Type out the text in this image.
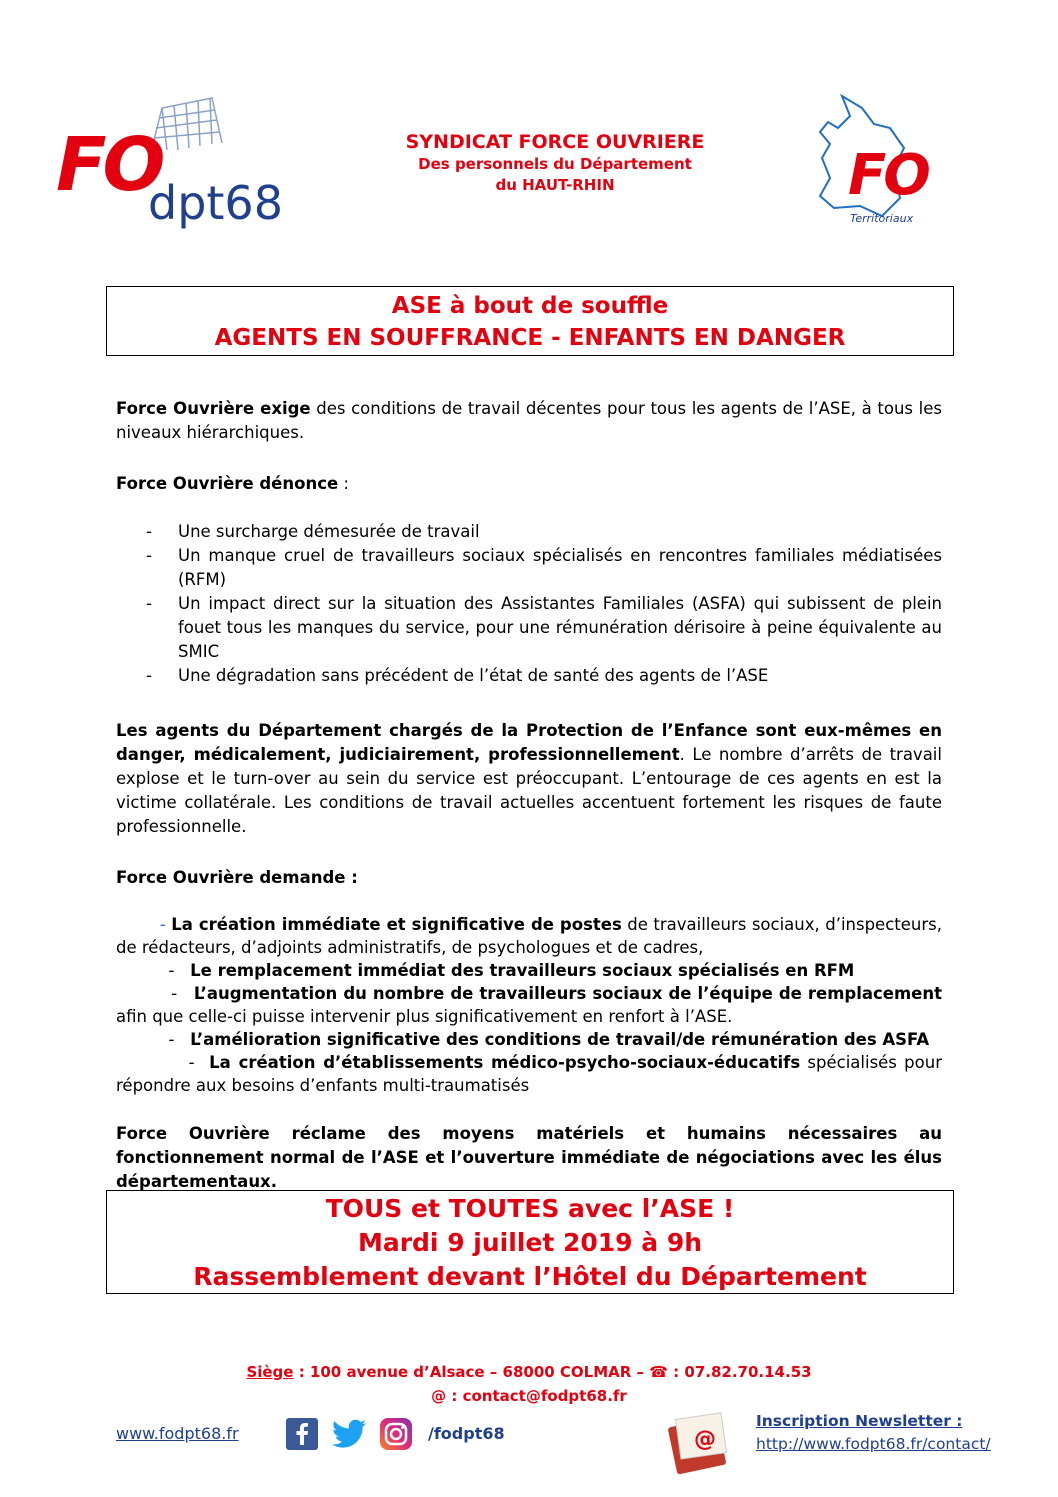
FO
dpt68
SYNDICAT FORCE OUVRIERE
Des personnels du Département
du HAUT-RHIN	FO
Territoriaux
ASE à bout de souffle
AGENTS EN SOUFFRANCE - ENFANTS EN DANGER
Force Ouvrière exige des conditions de travail décentes pour tous les agents de l’ASE, à tous les niveaux hiérarchiques.
Force Ouvrière dénonce :
-	Une surcharge démesurée de travail
-	Un manque cruel de travailleurs sociaux spécialisés en rencontres familiales médiatisées (RFM)
-	Un impact direct sur la situation des Assistantes Familiales (ASFA) qui subissent de plein fouet tous les manques du service, pour une rémunération dérisoire à peine équivalente au SMIC
-	Une dégradation sans précédent de l’état de santé des agents de l’ASE
Les agents du Département chargés de la Protection de l’Enfance sont eux-mêmes en danger, médicalement, judiciairement, professionnellement. Le nombre d’arrêts de travail explose et le turn-over au sein du service est préoccupant. L’entourage de ces agents en est la victime collatérale. Les conditions de travail actuelles accentuent fortement les risques de faute professionnelle.
Force Ouvrière demande :
- La création immédiate et significative de postes de travailleurs sociaux, d’inspecteurs, de rédacteurs, d’adjoints administratifs, de psychologues et de cadres,
-   Le remplacement immédiat des travailleurs sociaux spécialisés en RFM
-   L’augmentation du nombre de travailleurs sociaux de l’équipe de remplacement afin que celle-ci puisse intervenir plus significativement en renfort à l’ASE.
-   L’amélioration significative des conditions de travail/de rémunération des ASFA
-  La création d’établissements médico-psycho-sociaux-éducatifs spécialisés pour répondre aux besoins d’enfants multi-traumatisés
Force Ouvrière réclame des moyens matériels et humains nécessaires au fonctionnement normal de l’ASE et l’ouverture immédiate de négociations avec les élus départementaux.
TOUS et TOUTES avec l’ASE !
Mardi 9 juillet 2019 à 9h
Rassemblement devant l’Hôtel du Département
Siège : 100 avenue d’Alsace – 68000 COLMAR – ☎ : 07.82.70.14.53
@ : contact@fodpt68.fr
www.fodpt68.fr	/fodpt68	@
Inscription Newsletter :
http://www.fodpt68.fr/contact/
